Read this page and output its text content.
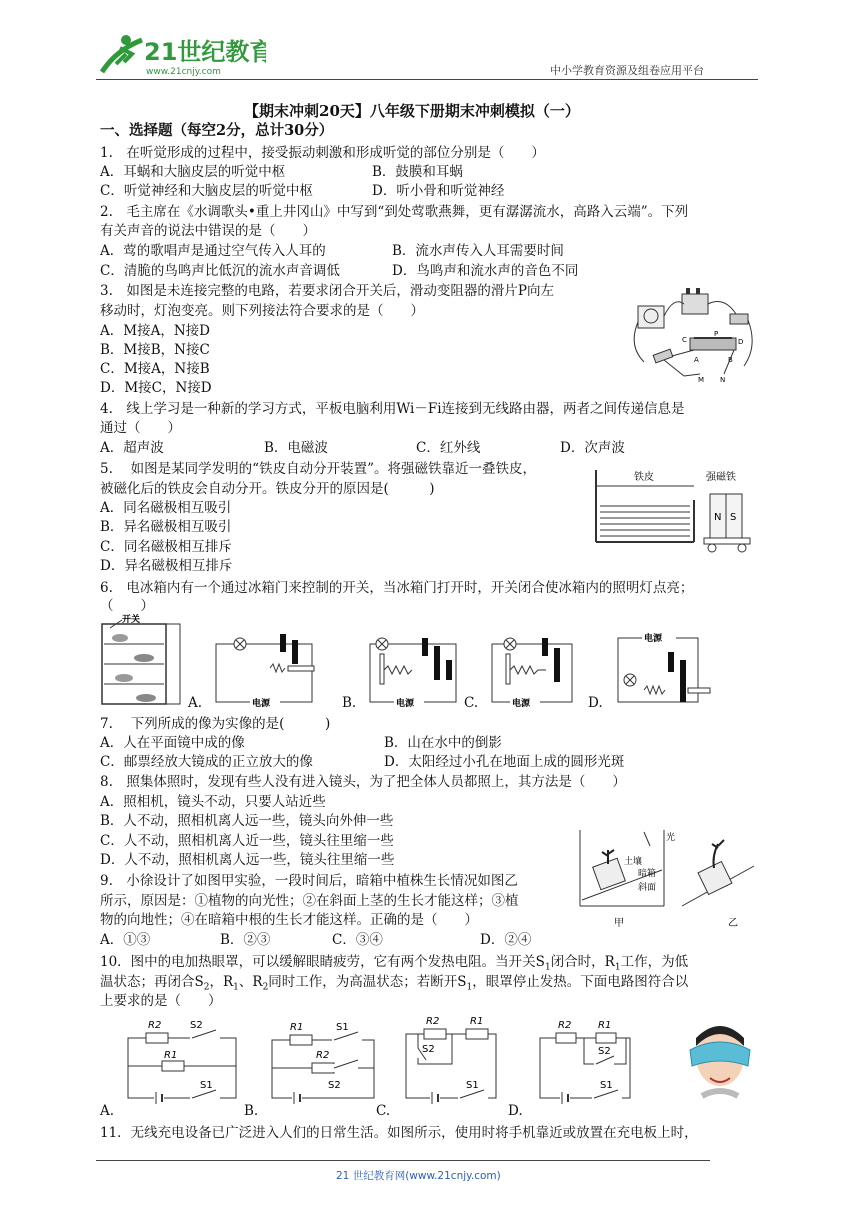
21世纪教育
www.21cnjy.com	中小学教育资源及组卷应用平台
【期末冲刺20天】八年级下册期末冲刺模拟（一）
一、选择题（每空2分，总计30分）
1.　在听觉形成的过程中，接受振动刺激和形成听觉的部位分别是（　　）
A．耳蜗和大脑皮层的听觉中枢	B．鼓膜和耳蜗
C．听觉神经和大脑皮层的听觉中枢	D．听小骨和听觉神经
2.　毛主席在《水调歌头•重上井冈山》中写到“到处莺歌燕舞，更有潺潺流水，高路入云端”。下列
有关声音的说法中错误的是（　　）
A．莺的歌唱声是通过空气传入人耳的	B．流水声传入人耳需要时间
C．清脆的鸟鸣声比低沉的流水声音调低	D．鸟鸣声和流水声的音色不同
3.　如图是未连接完整的电路，若要求闭合开关后，滑动变阻器的滑片P向左
移动时，灯泡变亮。则下列接法符合要求的是（　　）
A．M接A，N接D
B．M接B，N接C
C．M接A，N接B
D．M接C，N接D
C
P
D
A	B
M N
4.　线上学习是一种新的学习方式，平板电脑利用Wi－Fi连接到无线路由器，两者之间传递信息是
通过（　　）
A．超声波	B．电磁波	C．红外线	D．次声波
5.　 如图是某同学发明的“铁皮自动分开装置”。将强磁铁靠近一叠铁皮，
被磁化后的铁皮会自动分开。铁皮分开的原因是(　　　)
A．同名磁极相互吸引
B．异名磁极相互吸引
C．同名磁极相互排斥
D．异名磁极相互排斥
铁皮	强磁铁
N S
6.　电冰箱内有一个通过冰箱门来控制的开关，当冰箱门打开时，开关闭合使冰箱内的照明灯点亮；
（　　）
开关
A.	B.	C.	D.
电源	电源	电源
电源
7.　 下列所成的像为实像的是(　　　)
A．人在平面镜中成的像	B．山在水中的倒影
C．邮票经放大镜成的正立放大的像	D．太阳经过小孔在地面上成的圆形光斑
8.　照集体照时，发现有些人没有进入镜头，为了把全体人员都照上，其方法是（　　）
A．照相机，镜头不动，只要人站近些
B．人不动，照相机离人远一些，镜头向外伸一些
C．人不动，照相机离人近一些，镜头往里缩一些
D．人不动，照相机离人远一些，镜头往里缩一些
9.　小徐设计了如图甲实验，一段时间后，暗箱中植株生长情况如图乙
所示，原因是：①植物的向光性；②在斜面上茎的生长才能这样；③植
物的向地性；④在暗箱中根的生长才能这样。正确的是（　　）
A．①③	B．②③	C．③④	D．②④
光
土壤
暗箱
斜面
甲	乙
10．图中的电加热眼罩，可以缓解眼睛疲劳，它有两个发热电阻。当开关$S_1$闭合时，$R_1$工作，为低
温状态；再闭合$S_2$，$R_1$、$R_2$同时工作，为高温状态；若断开$S_1$，眼罩停止发热。下面电路图符合以
上要求的是（　　）
R2	S2
R1
S1
A.
R1	S1
R2
S2
B.
R2	R1
S2
S1
C.
R2	R1
S2
S1
D.
11．无线充电设备已广泛进入人们的日常生活。如图所示，使用时将手机靠近或放置在充电板上时，
21 世纪教育网(www.21cnjy.com)
